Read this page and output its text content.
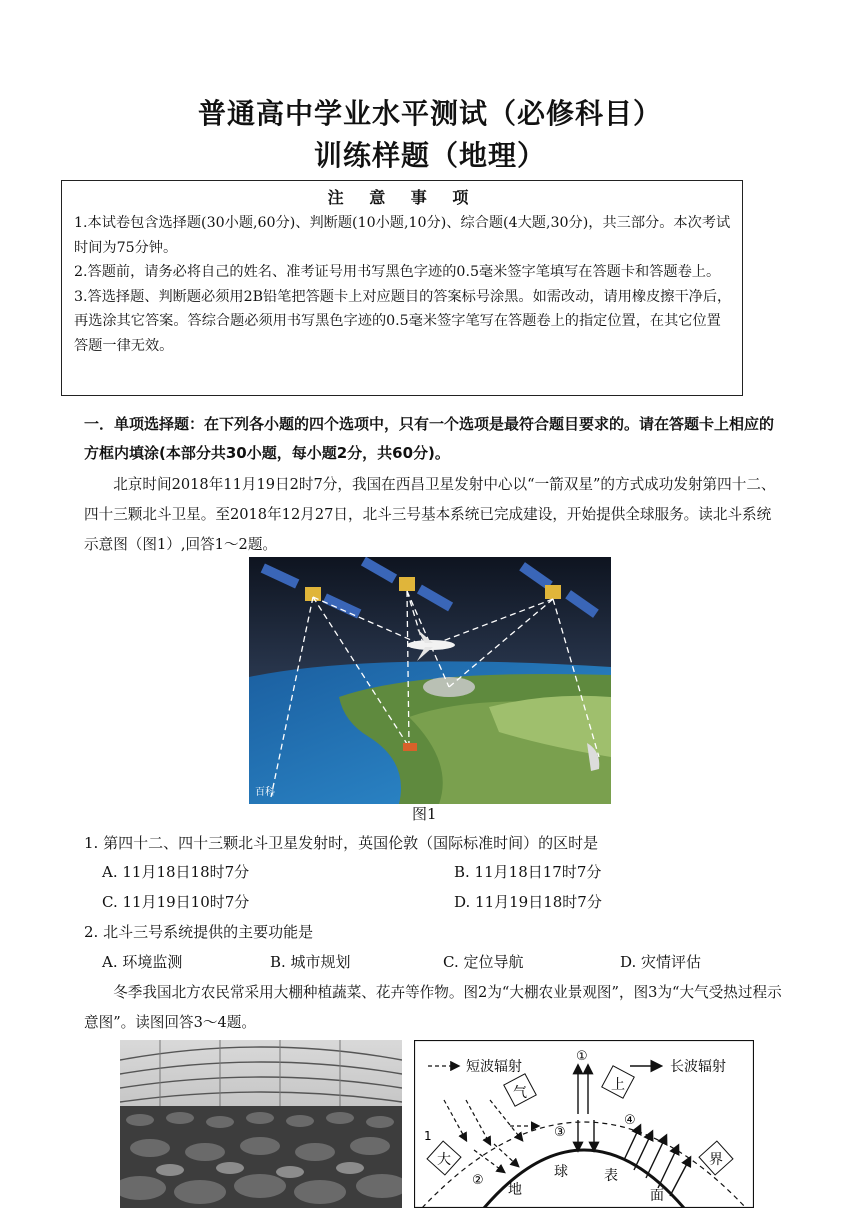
普通高中学业水平测试（必修科目）
训练样题（地理）
注 意 事 项

1.本试卷包含选择题(30小题,60分)、判断题(10小题,10分)、综合题(4大题,30分)，共三部分。本次考试时间为75分钟。

2.答题前，请务必将自己的姓名、准考证号用书写黑色字迹的0.5毫米签字笔填写在答题卡和答题卷上。

3.答选择题、判断题必须用2B铅笔把答题卡上对应题目的答案标号涂黑。如需改动，请用橡皮擦干净后，再选涂其它答案。答综合题必须用书写黑色字迹的0.5毫米签字笔写在答题卷上的指定位置，在其它位置答题一律无效。

一．单项选择题：在下列各小题的四个选项中，只有一个选项是最符合题目要求的。请在答题卡上相应的方框内填涂(本部分共30小题，每小题2分，共60分)。
北京时间2018年11月19日2时7分，我国在西昌卫星发射中心以“一箭双星”的方式成功发射第四十二、四十三颗北斗卫星。至2018年12月27日，北斗三号基本系统已完成建设，开始提供全球服务。读北斗系统示意图（图1）,回答1～2题。
百科
图1
1. 第四十二、四十三颗北斗卫星发射时，英国伦敦（国际标准时间）的区时是
A. 11月18日18时7分	B. 11月18日17时7分
C. 11月19日10时7分	D. 11月19日18时7分
2. 北斗三号系统提供的主要功能是
A. 环境监测	B. 城市规划	C. 定位导航	D. 灾情评估
冬季我国北方农民常采用大棚种植蔬菜、花卉等作物。图2为“大棚农业景观图”，图3为“大气受热过程示意图”。读图回答3～4题。
短波辐射	长波辐射
气
大
上
界
地
球	表
面
①
②
③
④
1
